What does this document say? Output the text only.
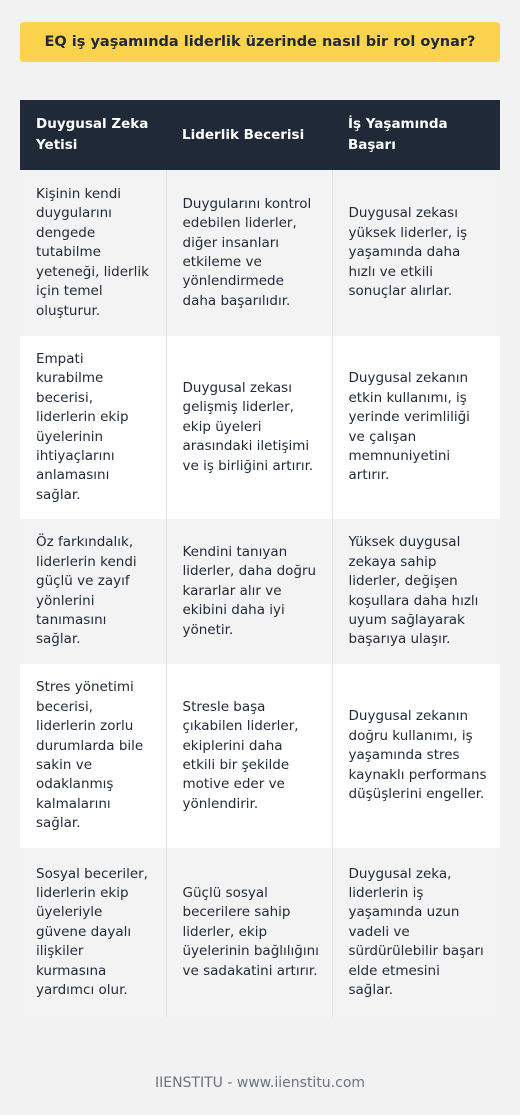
EQ iş yaşamında liderlik üzerinde nasıl bir rol oynar?
Duygusal Zeka Yetisi	Liderlik Becerisi	İş Yaşamında Başarı
Kişinin kendi duygularını dengede tutabilme yeteneği, liderlik için temel oluşturur.	Duygularını kontrol edebilen liderler, diğer insanları etkileme ve yönlendirmede daha başarılıdır.	Duygusal zekası yüksek liderler, iş yaşamında daha hızlı ve etkili sonuçlar alırlar.
Empati kurabilme becerisi, liderlerin ekip üyelerinin ihtiyaçlarını anlamasını sağlar.	Duygusal zekası gelişmiş liderler, ekip üyeleri arasındaki iletişimi ve iş birliğini artırır.	Duygusal zekanın etkin kullanımı, iş yerinde verimliliği ve çalışan memnuniyetini artırır.
Öz farkındalık, liderlerin kendi güçlü ve zayıf yönlerini tanımasını sağlar.	Kendini tanıyan liderler, daha doğru kararlar alır ve ekibini daha iyi yönetir.	Yüksek duygusal zekaya sahip liderler, değişen koşullara daha hızlı uyum sağlayarak başarıya ulaşır.
Stres yönetimi becerisi, liderlerin zorlu durumlarda bile sakin ve odaklanmış kalmalarını sağlar.	Stresle başa çıkabilen liderler, ekiplerini daha etkili bir şekilde motive eder ve yönlendirir.	Duygusal zekanın doğru kullanımı, iş yaşamında stres kaynaklı performans düşüşlerini engeller.
Sosyal beceriler, liderlerin ekip üyeleriyle güvene dayalı ilişkiler kurmasına yardımcı olur.	Güçlü sosyal becerilere sahip liderler, ekip üyelerinin bağlılığını ve sadakatini artırır.	Duygusal zeka, liderlerin iş yaşamında uzun vadeli ve sürdürülebilir başarı elde etmesini sağlar.
IIENSTITU - www.iienstitu.com
